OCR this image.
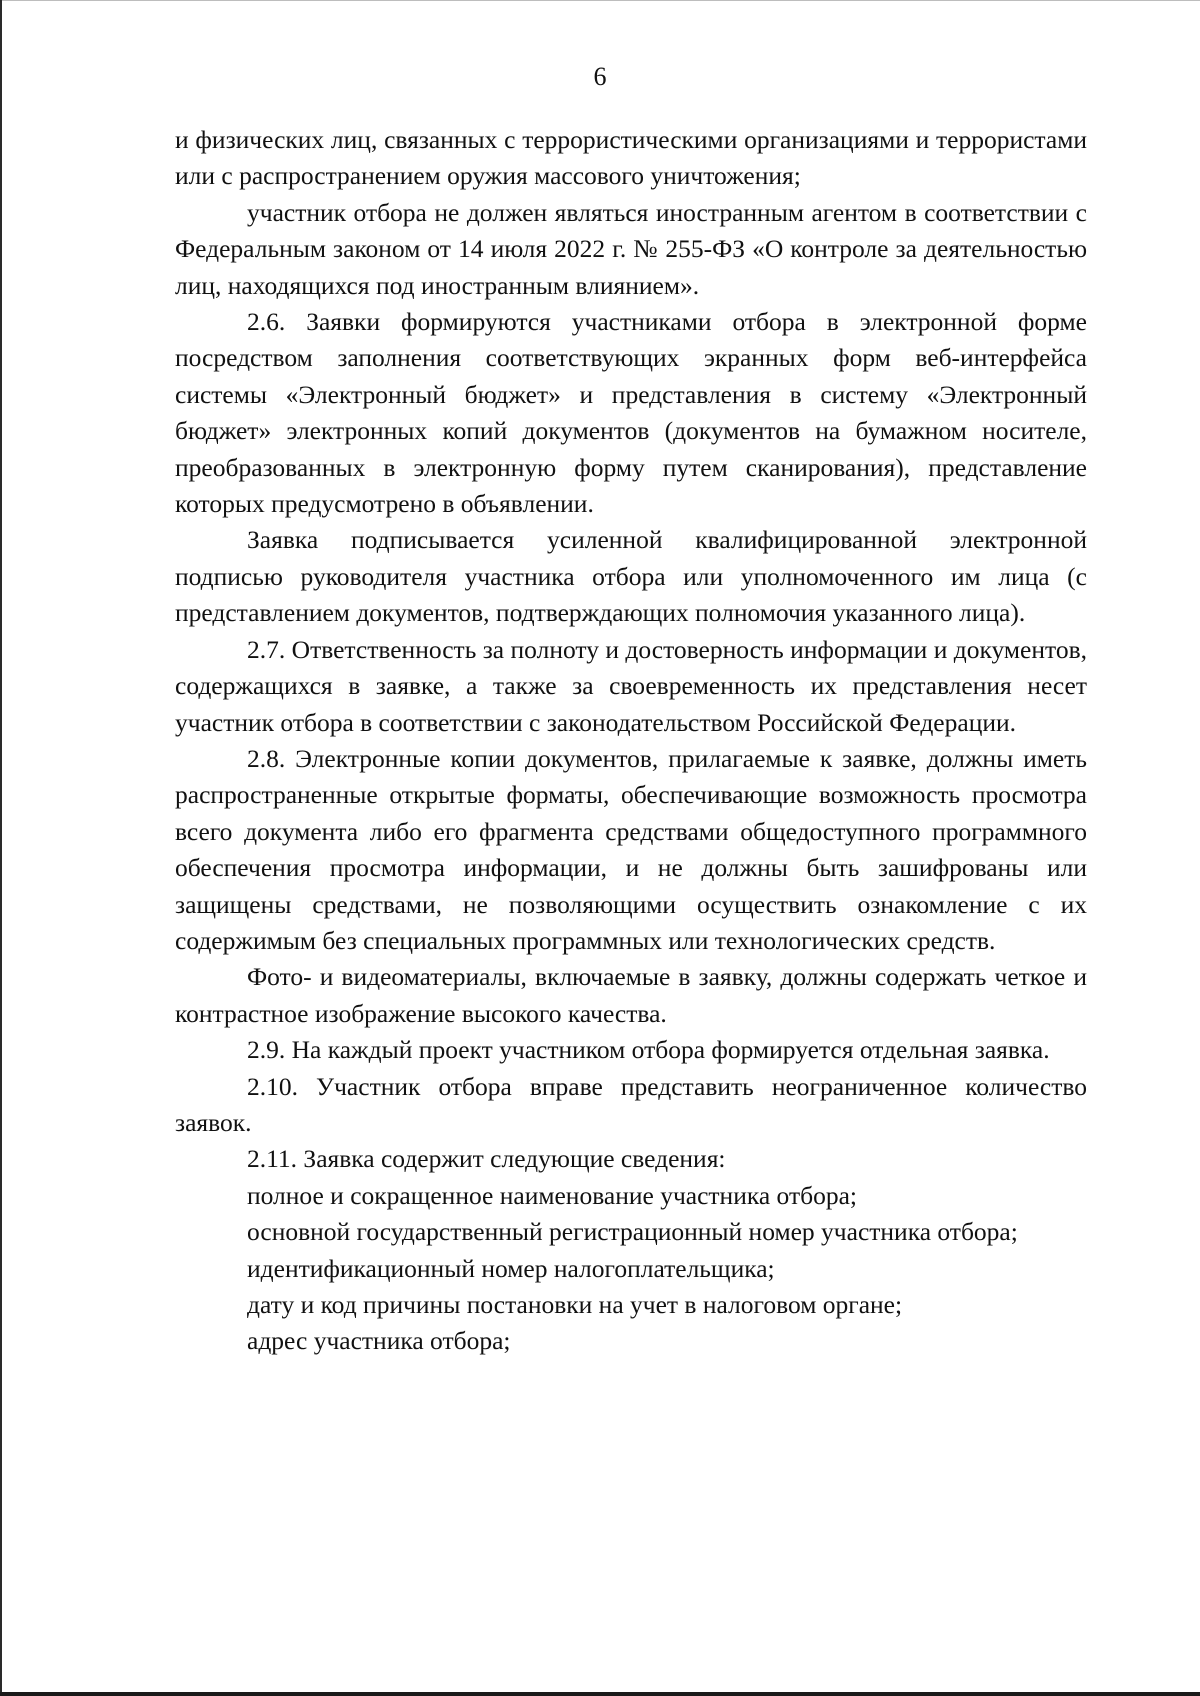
6

и физических лиц, связанных с террористическими организациями и террористами или с распространением оружия массового уничтожения;

участник отбора не должен являться иностранным агентом в соответствии с Федеральным законом от 14 июля 2022 г. № 255-ФЗ «О контроле за деятельностью лиц, находящихся под иностранным влиянием».

2.6. Заявки формируются участниками отбора в электронной форме посредством заполнения соответствующих экранных форм веб-интерфейса системы «Электронный бюджет» и представления в систему «Электронный бюджет» электронных копий документов (документов на бумажном носителе, преобразованных в электронную форму путем сканирования), представление которых предусмотрено в объявлении.

Заявка подписывается усиленной квалифицированной электронной подписью руководителя участника отбора или уполномоченного им лица (с представлением документов, подтверждающих полномочия указанного лица).

2.7. Ответственность за полноту и достоверность информации и документов, содержащихся в заявке, а также за своевременность их представления несет участник отбора в соответствии с законодательством Российской Федерации.

2.8. Электронные копии документов, прилагаемые к заявке, должны иметь распространенные открытые форматы, обеспечивающие возможность просмотра всего документа либо его фрагмента средствами общедоступного программного обеспечения просмотра информации, и не должны быть зашифрованы или защищены средствами, не позволяющими осуществить ознакомление с их содержимым без специальных программных или технологических средств.

Фото- и видеоматериалы, включаемые в заявку, должны содержать четкое и контрастное изображение высокого качества.

2.9. На каждый проект участником отбора формируется отдельная заявка.

2.10. Участник отбора вправе представить неограниченное количество заявок.

2.11. Заявка содержит следующие сведения:

полное и сокращенное наименование участника отбора;

основной государственный регистрационный номер участника отбора;

идентификационный номер налогоплательщика;

дату и код причины постановки на учет в налоговом органе;

адрес участника отбора;
